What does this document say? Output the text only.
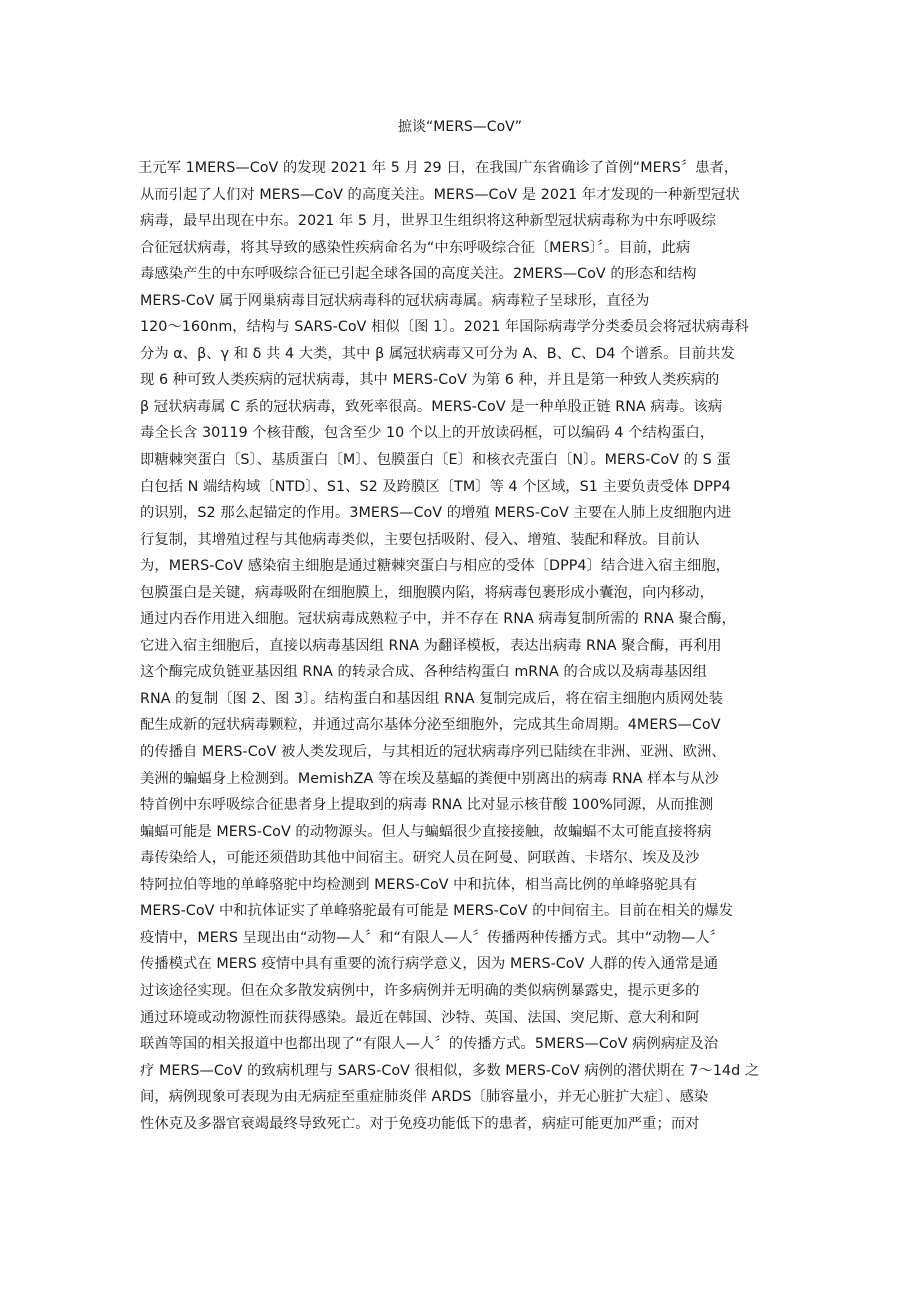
摭谈“MERS—CoV”
王元军 1MERS—CoV 的发现 2021 年 5 月 29 日，在我国广东省确诊了首例“MERS〞患者，
从而引起了人们对 MERS—CoV 的高度关注。MERS—CoV 是 2021 年才发现的一种新型冠状
病毒，最早出现在中东。2021 年 5 月，世界卫生组织将这种新型冠状病毒称为中东呼吸综
合征冠状病毒，将其导致的感染性疾病命名为“中东呼吸综合征〔MERS〕〞。目前，此病
毒感染产生的中东呼吸综合征已引起全球各国的高度关注。2MERS—CoV 的形态和结构
MERS-CoV 属于网巢病毒目冠状病毒科的冠状病毒属。病毒粒子呈球形，直径为
120～160nm，结构与 SARS-CoV 相似〔图 1〕。2021 年国际病毒学分类委员会将冠状病毒科
分为 α、β、γ 和 δ 共 4 大类，其中 β 属冠状病毒又可分为 A、B、C、D4 个谱系。目前共发
现 6 种可致人类疾病的冠状病毒，其中 MERS-CoV 为第 6 种，并且是第一种致人类疾病的
β 冠状病毒属 C 系的冠状病毒，致死率很高。MERS-CoV 是一种单股正链 RNA 病毒。该病
毒全长含 30119 个核苷酸，包含至少 10 个以上的开放读码框，可以编码 4 个结构蛋白，
即糖棘突蛋白〔S〕、基质蛋白〔M〕、包膜蛋白〔E〕和核衣壳蛋白〔N〕。MERS-CoV 的 S 蛋
白包括 N 端结构域〔NTD〕、S1、S2 及跨膜区〔TM〕等 4 个区域，S1 主要负责受体 DPP4
的识别，S2 那么起锚定的作用。3MERS—CoV 的增殖 MERS-CoV 主要在人肺上皮细胞内进
行复制，其增殖过程与其他病毒类似，主要包括吸附、侵入、增殖、装配和释放。目前认
为，MERS-CoV 感染宿主细胞是通过糖棘突蛋白与相应的受体〔DPP4〕结合进入宿主细胞，
包膜蛋白是关键，病毒吸附在细胞膜上，细胞膜内陷，将病毒包裹形成小囊泡，向内移动，
通过内吞作用进入细胞。冠状病毒成熟粒子中，并不存在 RNA 病毒复制所需的 RNA 聚合酶，
它进入宿主细胞后，直接以病毒基因组 RNA 为翻译模板，表达出病毒 RNA 聚合酶，再利用
这个酶完成负链亚基因组 RNA 的转录合成、各种结构蛋白 mRNA 的合成以及病毒基因组
RNA 的复制〔图 2、图 3〕。结构蛋白和基因组 RNA 复制完成后，将在宿主细胞内质网处装
配生成新的冠状病毒颗粒，并通过高尔基体分泌至细胞外，完成其生命周期。4MERS—CoV
的传播自 MERS-CoV 被人类发现后，与其相近的冠状病毒序列已陆续在非洲、亚洲、欧洲、
美洲的蝙蝠身上检测到。MemishZA 等在埃及墓蝠的粪便中别离出的病毒 RNA 样本与从沙
特首例中东呼吸综合征患者身上提取到的病毒 RNA 比对显示核苷酸 100%同源，从而推测
蝙蝠可能是 MERS-CoV 的动物源头。但人与蝙蝠很少直接接触，故蝙蝠不太可能直接将病
毒传染给人，可能还须借助其他中间宿主。研究人员在阿曼、阿联酋、卡塔尔、埃及及沙
特阿拉伯等地的单峰骆驼中均检测到 MERS-CoV 中和抗体，相当高比例的单峰骆驼具有
MERS-CoV 中和抗体证实了单峰骆驼最有可能是 MERS-CoV 的中间宿主。目前在相关的爆发
疫情中，MERS 呈现出由“动物—人〞和“有限人—人〞传播两种传播方式。其中“动物—人〞
传播模式在 MERS 疫情中具有重要的流行病学意义，因为 MERS-CoV 人群的传入通常是通
过该途径实现。但在众多散发病例中，许多病例并无明确的类似病例暴露史，提示更多的
通过环境或动物源性而获得感染。最近在韩国、沙特、英国、法国、突尼斯、意大利和阿
联酋等国的相关报道中也都出现了“有限人—人〞的传播方式。5MERS—CoV 病例病症及治
疗 MERS—CoV 的致病机理与 SARS-CoV 很相似，多数 MERS-CoV 病例的潜伏期在 7～14d 之
间，病例现象可表现为由无病症至重症肺炎伴 ARDS〔肺容量小，并无心脏扩大症〕、感染
性休克及多器官衰竭最终导致死亡。对于免疫功能低下的患者，病症可能更加严重；而对
